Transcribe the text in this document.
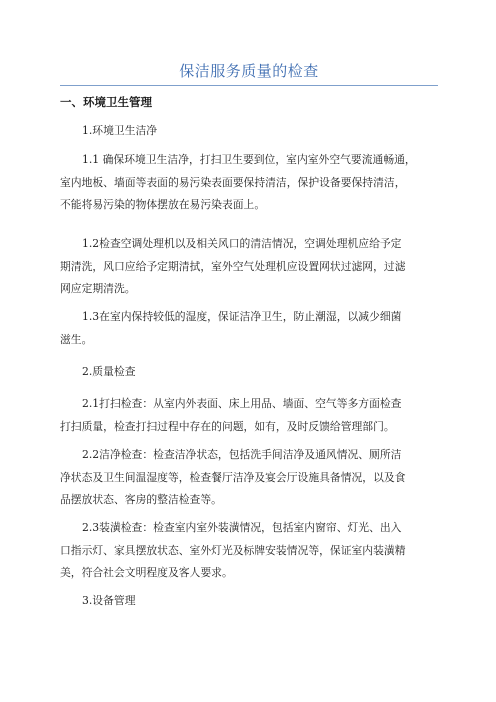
保洁服务质量的检查
一、环境卫生管理
1.环境卫生洁净
1.1 确保环境卫生洁净，打扫卫生要到位，室内室外空气要流通畅通，
室内地板、墙面等表面的易污染表面要保持清洁，保护设备要保持清洁，
不能将易污染的物体摆放在易污染表面上。
1.2检查空调处理机以及相关风口的清洁情况，空调处理机应给予定
期清洗，风口应给予定期清拭，室外空气处理机应设置网状过滤网，过滤
网应定期清洗。
1.3在室内保持较低的湿度，保证洁净卫生，防止潮湿，以减少细菌
滋生。
2.质量检查
2.1打扫检查：从室内外表面、床上用品、墙面、空气等多方面检查
打扫质量，检查打扫过程中存在的问题，如有，及时反馈给管理部门。
2.2洁净检查：检查洁净状态，包括洗手间洁净及通风情况、厕所洁
净状态及卫生间温湿度等，检查餐厅洁净及宴会厅设施具备情况，以及食
品摆放状态、客房的整洁检查等。
2.3装潢检查：检查室内室外装潢情况，包括室内窗帘、灯光、出入
口指示灯、家具摆放状态、室外灯光及标牌安装情况等，保证室内装潢精
美，符合社会文明程度及客人要求。
3.设备管理
